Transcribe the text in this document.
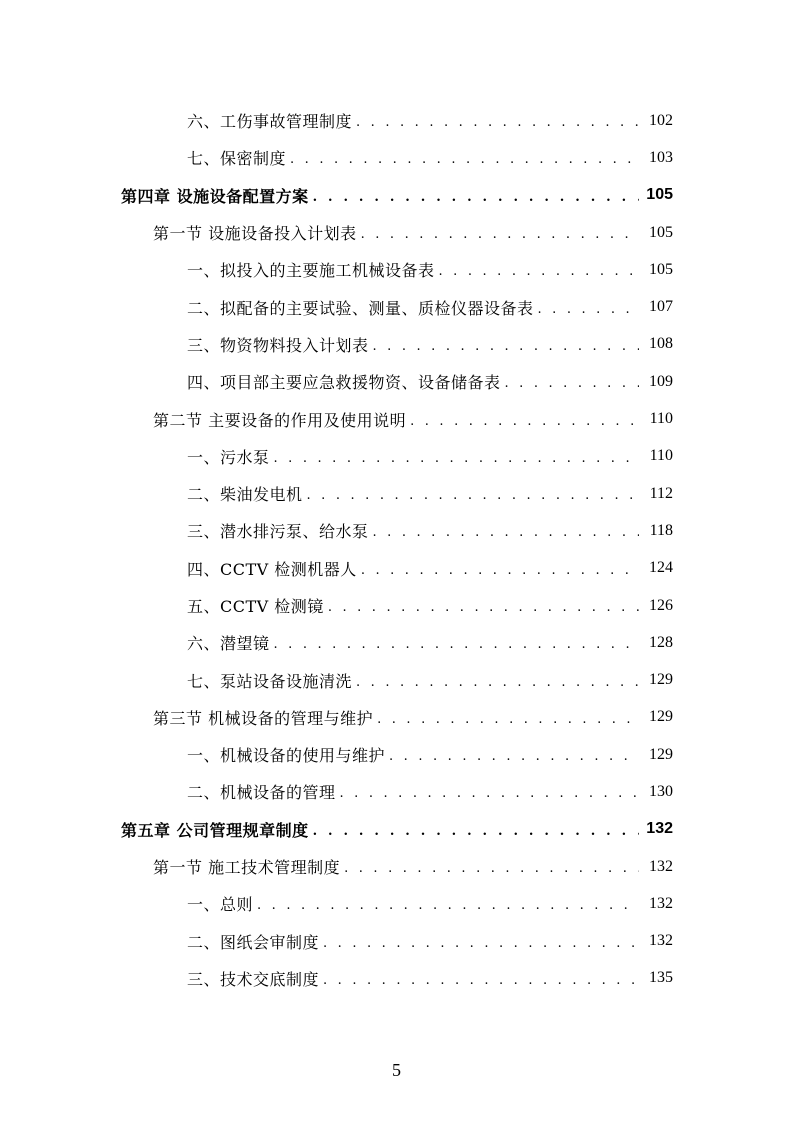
六、工伤事故管理制度 . . .	102
七、保密制度 . . .	103
第四章 设施设备配置方案 . . .	105
第一节 设施设备投入计划表 . . .	105
一、拟投入的主要施工机械设备表 . . .	105
二、拟配备的主要试验、测量、质检仪器设备表 . . .	107
三、物资物料投入计划表 . . .	108
四、项目部主要应急救援物资、设备储备表 . . .	109
第二节 主要设备的作用及使用说明 . . .	110
一、污水泵 . . .	110
二、柴油发电机 . . .	112
三、潜水排污泵、给水泵 . . .	118
四、CCTV 检测机器人 . . .	124
五、CCTV 检测镜 . . .	126
六、潜望镜 . . .	128
七、泵站设备设施清洗 . . .	129
第三节 机械设备的管理与维护 . . .	129
一、机械设备的使用与维护 . . .	129
二、机械设备的管理 . . .	130
第五章 公司管理规章制度 . . .	132
第一节 施工技术管理制度 . . .	132
一、总则 . . .	132
二、图纸会审制度 . . .	132
三、技术交底制度 . . .	135
5
